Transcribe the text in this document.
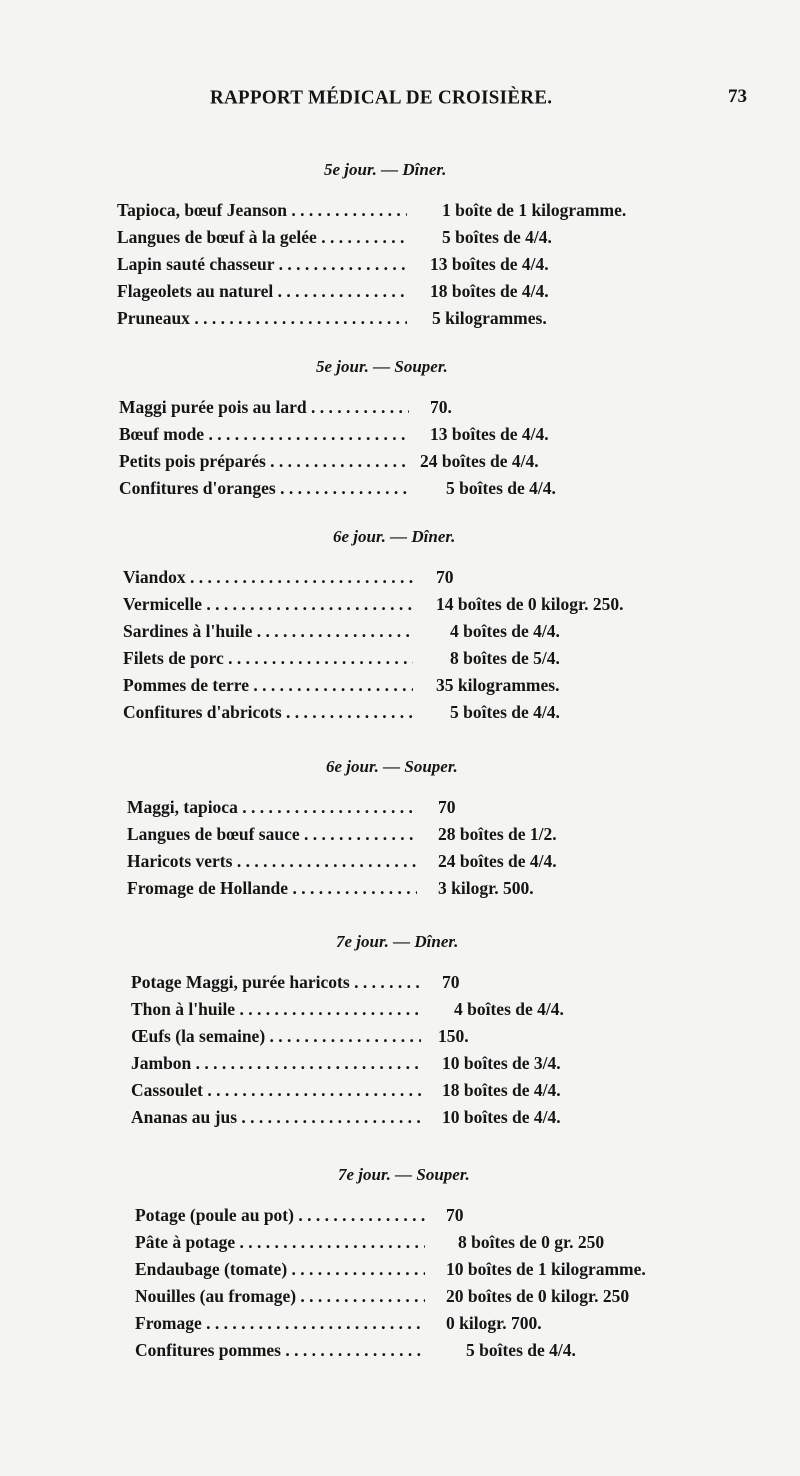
RAPPORT MÉDICAL DE CROISIÈRE.	73
5e jour. — Dîner.
Tapioca, bœuf Jeanson . . .	1 boîte de 1 kilogramme.
Langues de bœuf à la gelée . . .	5 boîtes de 4/4.
Lapin sauté chasseur . . .	13 boîtes de 4/4.
Flageolets au naturel . . .	18 boîtes de 4/4.
Pruneaux . . .	5 kilogrammes.
5e jour. — Souper.
Maggi purée pois au lard . . .	70.
Bœuf mode . . .	13 boîtes de 4/4.
Petits pois préparés . . .	24 boîtes de 4/4.
Confitures d'oranges . . .	5 boîtes de 4/4.
6e jour. — Dîner.
Viandox . . .	70
Vermicelle . . .	14 boîtes de 0 kilogr. 250.
Sardines à l'huile . . .	4 boîtes de 4/4.
Filets de porc . . .	8 boîtes de 5/4.
Pommes de terre . . .	35 kilogrammes.
Confitures d'abricots . . .	5 boîtes de 4/4.
6e jour. — Souper.
Maggi, tapioca . . .	70
Langues de bœuf sauce . . .	28 boîtes de 1/2.
Haricots verts . . .	24 boîtes de 4/4.
Fromage de Hollande . . .	3 kilogr. 500.
7e jour. — Dîner.
Potage Maggi, purée haricots . . .	70
Thon à l'huile . . .	4 boîtes de 4/4.
Œufs (la semaine) . . .	150.
Jambon . . .	10 boîtes de 3/4.
Cassoulet . . .	18 boîtes de 4/4.
Ananas au jus . . .	10 boîtes de 4/4.
7e jour. — Souper.
Potage (poule au pot) . . .	70
Pâte à potage . . .	8 boîtes de 0 gr. 250
Endaubage (tomate) . . .	10 boîtes de 1 kilogramme.
Nouilles (au fromage) . . .	20 boîtes de 0 kilogr. 250
Fromage . . .	0 kilogr. 700.
Confitures pommes . . .	5 boîtes de 4/4.
